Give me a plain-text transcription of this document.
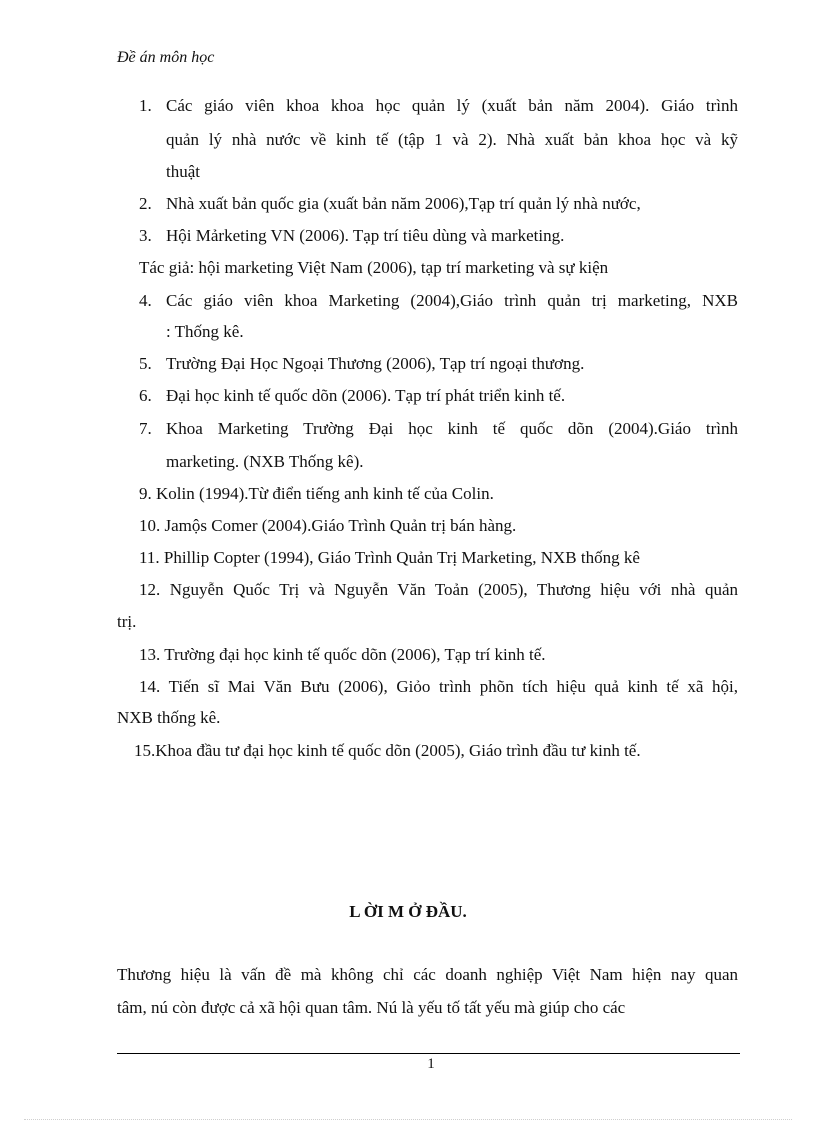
Đề án môn học
1. Các giáo viên khoa khoa học quản lý (xuất bản năm 2004). Giáo trình
quản lý nhà nước về kinh tế (tập 1 và 2). Nhà xuất bản khoa học và kỹ
thuật
2. Nhà xuất bản quốc gia (xuất bản năm 2006),Tạp trí quản lý nhà nước,
3. Hội Mảrketing VN (2006). Tạp trí tiêu dùng và marketing.
Tác giả: hội marketing Việt Nam (2006), tạp trí marketing và sự kiện
4. Các giáo viên khoa Marketing (2004),Giáo trình quản trị marketing, NXB
: Thống kê.
5. Trường Đại Học Ngoại Thương (2006), Tạp trí ngoại thương.
6. Đại học kinh tế quốc dõn (2006). Tạp trí phát triển kinh tế.
7. Khoa Marketing Trường Đại học kinh tế quốc dõn (2004).Giáo trình
marketing. (NXB Thống kê).
9. Kolin (1994).Từ điển tiếng anh kinh tế của Colin.
10. Jamộs Comer (2004).Giáo Trình Quản trị bán hàng.
11. Phillip Copter (1994), Giáo Trình Quản Trị Marketing, NXB thống kê
12. Nguyễn Quốc Trị và Nguyễn Văn Toản (2005), Thương hiệu với nhà quản
trị.
13. Trường đại học kinh tế quốc dõn (2006), Tạp trí kinh tế.
14. Tiến sĩ Mai Văn Bưu (2006), Giỏo trình phõn tích hiệu quả kinh tế xã hội,
NXB thống kê.
15.Khoa đầu tư đại học kinh tế quốc dõn (2005), Giáo trình đầu tư kinh tế.
L ỜI M Ở ĐẦU.
Thương hiệu là vấn đề mà không chỉ các doanh nghiệp Việt Nam hiện nay quan
tâm, nú còn được cả xã hội quan tâm. Nú là yếu tố tất yếu mà giúp cho các
1
